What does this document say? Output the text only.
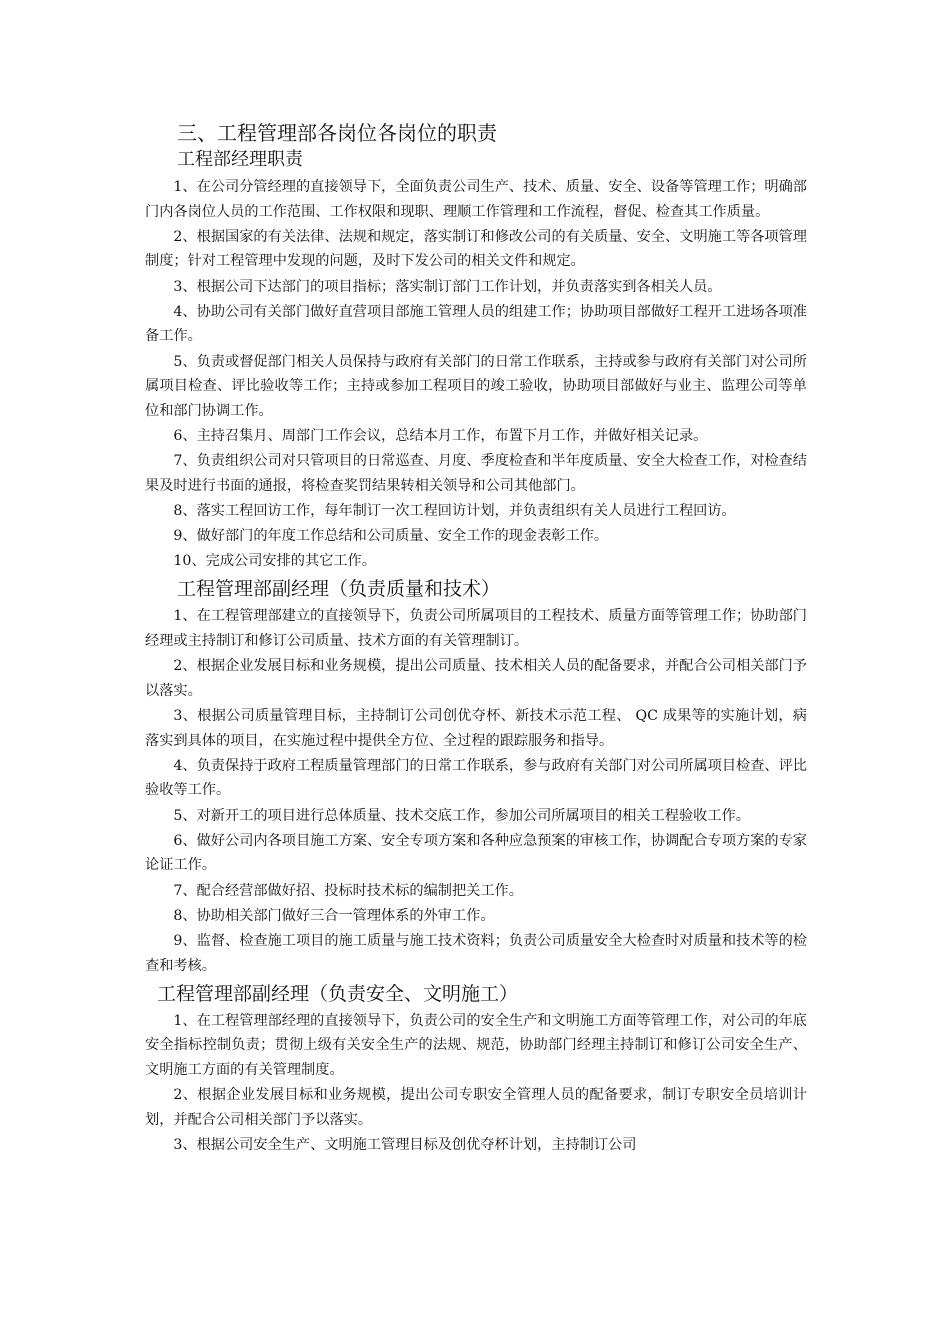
三、工程管理部各岗位各岗位的职责
工程部经理职责

1、在公司分管经理的直接领导下，全面负责公司生产、技术、质量、安全、设备等管理工作；明确部门内各岗位人员的工作范围、工作权限和现职、理顺工作管理和工作流程，督促、检查其工作质量。

2、根据国家的有关法律、法规和规定，落实制订和修改公司的有关质量、安全、文明施工等各项管理制度；针对工程管理中发现的问题，及时下发公司的相关文件和规定。

3、根据公司下达部门的项目指标；落实制订部门工作计划，并负责落实到各相关人员。

4、协助公司有关部门做好直营项目部施工管理人员的组建工作；协助项目部做好工程开工进场各项准备工作。

5、负责或督促部门相关人员保持与政府有关部门的日常工作联系，主持或参与政府有关部门对公司所属项目检查、评比验收等工作；主持或参加工程项目的竣工验收，协助项目部做好与业主、监理公司等单位和部门协调工作。

6、主持召集月、周部门工作会议，总结本月工作，布置下月工作，并做好相关记录。

7、负责组织公司对只管项目的日常巡查、月度、季度检查和半年度质量、安全大检查工作，对检查结果及时进行书面的通报，将检查奖罚结果转相关领导和公司其他部门。

8、落实工程回访工作，每年制订一次工程回访计划，并负责组织有关人员进行工程回访。

9、做好部门的年度工作总结和公司质量、安全工作的现金表彰工作。

10、完成公司安排的其它工作。

工程管理部副经理（负责质量和技术）

1、在工程管理部建立的直接领导下，负责公司所属项目的工程技术、质量方面等管理工作；协助部门经理或主持制订和修订公司质量、技术方面的有关管理制订。

2、根据企业发展目标和业务规模，提出公司质量、技术相关人员的配备要求，并配合公司相关部门予以落实。

3、根据公司质量管理目标，主持制订公司创优夺杯、新技术示范工程、 QC 成果等的实施计划，病落实到具体的项目，在实施过程中提供全方位、全过程的跟踪服务和指导。

4、负责保持于政府工程质量管理部门的日常工作联系，参与政府有关部门对公司所属项目检查、评比验收等工作。

5、对新开工的项目进行总体质量、技术交底工作，参加公司所属项目的相关工程验收工作。

6、做好公司内各项目施工方案、安全专项方案和各种应急预案的审核工作，协调配合专项方案的专家论证工作。

7、配合经营部做好招、投标时技术标的编制把关工作。

8、协助相关部门做好三合一管理体系的外审工作。

9、监督、检查施工项目的施工质量与施工技术资料；负责公司质量安全大检查时对质量和技术等的检查和考核。

工程管理部副经理（负责安全、文明施工）

1、在工程管理部经理的直接领导下，负责公司的安全生产和文明施工方面等管理工作，对公司的年底安全指标控制负责；贯彻上级有关安全生产的法规、规范，协助部门经理主持制订和修订公司安全生产、文明施工方面的有关管理制度。

2、根据企业发展目标和业务规模，提出公司专职安全管理人员的配备要求，制订专职安全员培训计划，并配合公司相关部门予以落实。

3、根据公司安全生产、文明施工管理目标及创优夺杯计划，主持制订公司
